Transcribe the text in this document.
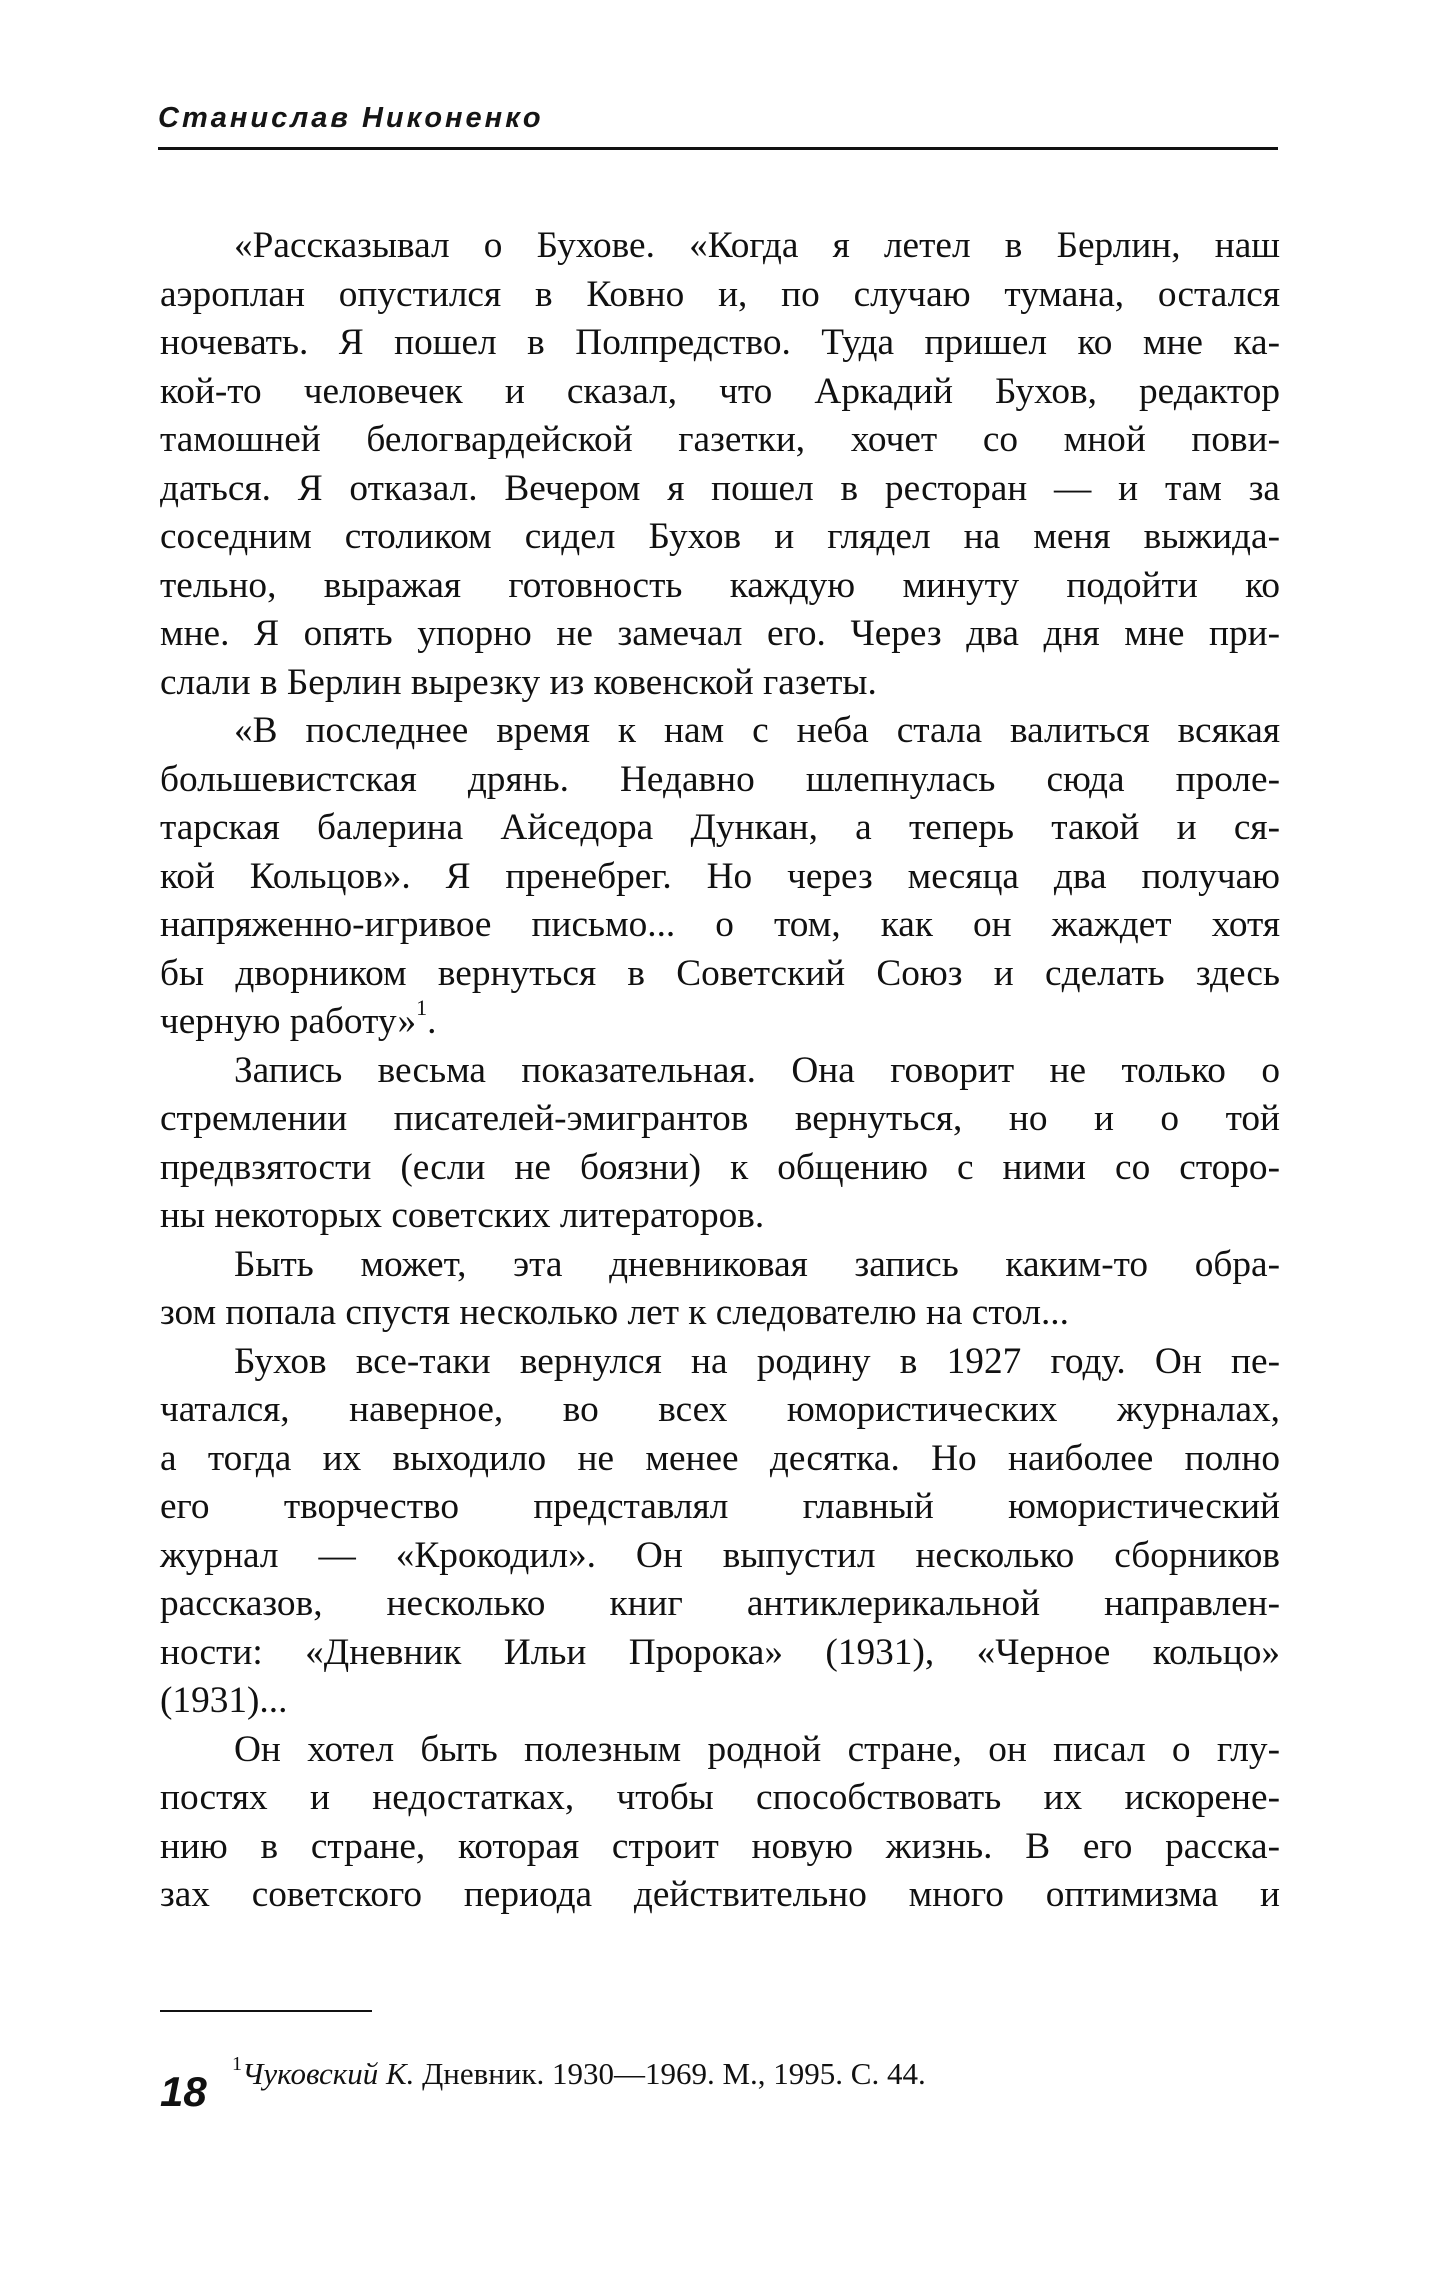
Станислав Никоненко
«Рассказывал о Бухове. «Когда я летел в Берлин, наш
аэроплан опустился в Ковно и, по случаю тумана, остался
ночевать. Я пошел в Полпредство. Туда пришел ко мне ка-
кой-то человечек и сказал, что Аркадий Бухов, редактор
тамошней белогвардейской газетки, хочет со мной пови-
даться. Я отказал. Вечером я пошел в ресторан — и там за
соседним столиком сидел Бухов и глядел на меня выжида-
тельно, выражая готовность каждую минуту подойти ко
мне. Я опять упорно не замечал его. Через два дня мне при-
слали в Берлин вырезку из ковенской газеты.
«В последнее время к нам с неба стала валиться всякая
большевистская дрянь. Недавно шлепнулась сюда проле-
тарская балерина Айседора Дункан, а теперь такой и ся-
кой Кольцов». Я пренебрег. Но через месяца два получаю
напряженно-игривое письмо... о том, как он жаждет хотя
бы дворником вернуться в Советский Союз и сделать здесь
черную работу»$^1$.
Запись весьма показательная. Она говорит не только о
стремлении писателей-эмигрантов вернуться, но и о той
предвзятости (если не боязни) к общению с ними со сторо-
ны некоторых советских литераторов.
Быть может, эта дневниковая запись каким-то обра-
зом попала спустя несколько лет к следователю на стол...
Бухов все-таки вернулся на родину в 1927 году. Он пе-
чатался, наверное, во всех юмористических журналах,
а тогда их выходило не менее десятка. Но наиболее полно
его творчество представлял главный юмористический
журнал — «Крокодил». Он выпустил несколько сборников
рассказов, несколько книг антиклерикальной направлен-
ности: «Дневник Ильи Пророка» (1931), «Черное кольцо»
(1931)...
Он хотел быть полезным родной стране, он писал о глу-
постях и недостатках, чтобы способствовать их искорене-
нию в стране, которая строит новую жизнь. В его расска-
зах советского периода действительно много оптимизма и
$^1$Чуковский К. Дневник. 1930—1969. М., 1995. С. 44.
18
